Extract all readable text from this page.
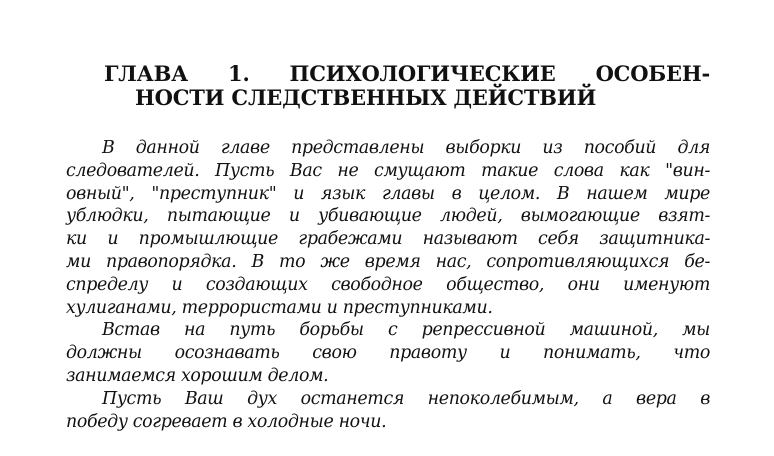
ГЛАВА 1. ПСИХОЛОГИЧЕСКИЕ ОСОБЕН-
НОСТИ СЛЕДСТВЕННЫХ ДЕЙСТВИЙ
В данной главе представлены выборки из пособий для
следователей. Пусть Вас не смущают такие слова как "вин-
овный", "преступник" и язык главы в целом. В нашем мире
ублюдки, пытающие и убивающие людей, вымогающие взят-
ки и промышлющие грабежами называют себя защитника-
ми правопорядка. В то же время нас, сопротивляющихся бе-
спределу и создающих свободное общество, они именуют
хулиганами, террористами и преступниками.
Встав на путь борьбы с репрессивной машиной, мы
должны осознавать свою правоту и понимать, что
занимаемся хорошим делом.
Пусть Ваш дух останется непоколебимым, а вера в
победу согревает в холодные ночи.
